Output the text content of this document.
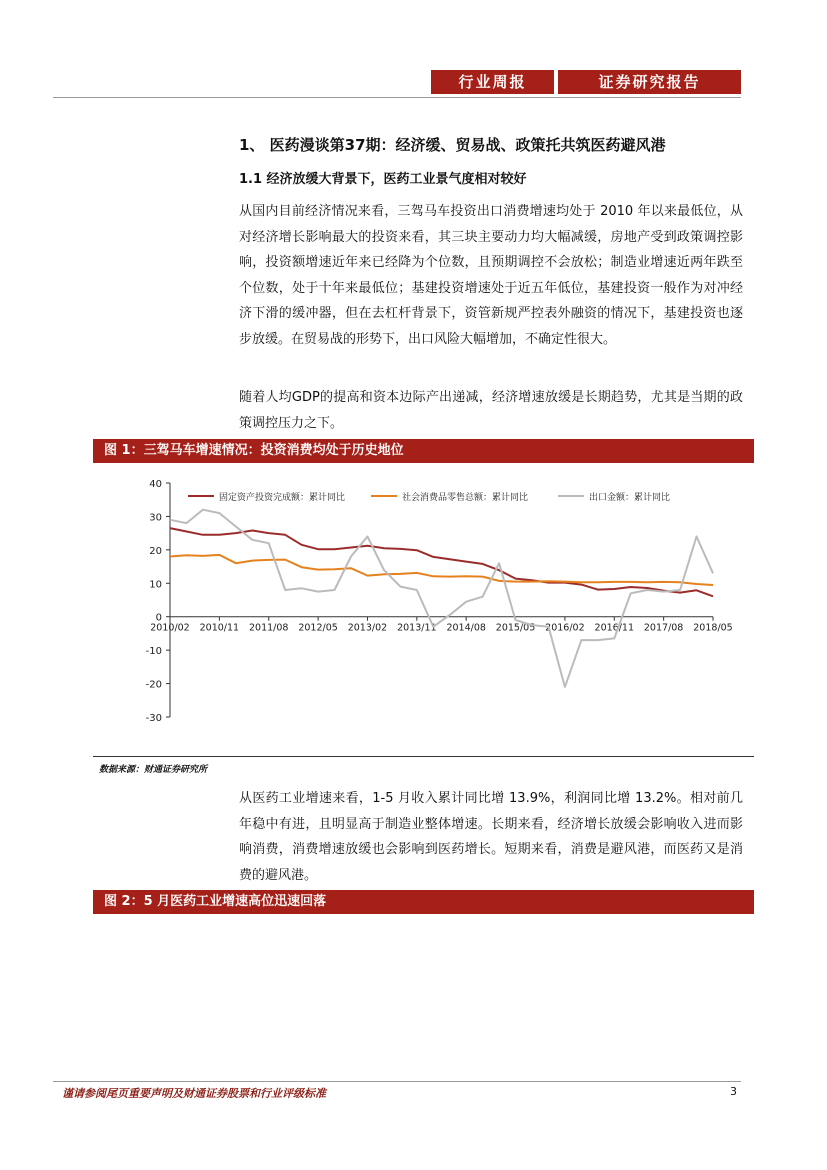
行业周报	证券研究报告
1、 医药漫谈第37期：经济缓、贸易战、政策托共筑医药避风港
1.1 经济放缓大背景下，医药工业景气度相对较好

从国内目前经济情况来看，三驾马车投资出口消费增速均处于 2010 年以来最低位，从对经济增长影响最大的投资来看，其三块主要动力均大幅减缓，房地产受到政策调控影响，投资额增速近年来已经降为个位数，且预期调控不会放松；制造业增速近两年跌至个位数，处于十年来最低位；基建投资增速处于近五年低位，基建投资一般作为对冲经济下滑的缓冲器，但在去杠杆背景下，资管新规严控表外融资的情况下，基建投资也逐步放缓。在贸易战的形势下，出口风险大幅增加，不确定性很大。

随着人均GDP的提高和资本边际产出递减，经济增速放缓是长期趋势，尤其是当期的政策调控压力之下。

图 1：三驾马车增速情况：投资消费均处于历史地位
40
30
20
10
0
-10
-20
-30
2010/02 2010/11 2011/08 2012/05 2013/02 2013/11 2014/08 2015/05 2016/02 2016/11 2017/08 2018/05
固定资产投资完成额：累计同比	社会消费品零售总额：累计同比	出口金额：累计同比
数据来源：财通证券研究所

从医药工业增速来看，1-5 月收入累计同比增 13.9%，利润同比增 13.2%。相对前几年稳中有进，且明显高于制造业整体增速。长期来看，经济增长放缓会影响收入进而影响消费，消费增速放缓也会影响到医药增长。短期来看，消费是避风港，而医药又是消费的避风港。

图 2：5 月医药工业增速高位迅速回落
谨请参阅尾页重要声明及财通证券股票和行业评级标准	3
